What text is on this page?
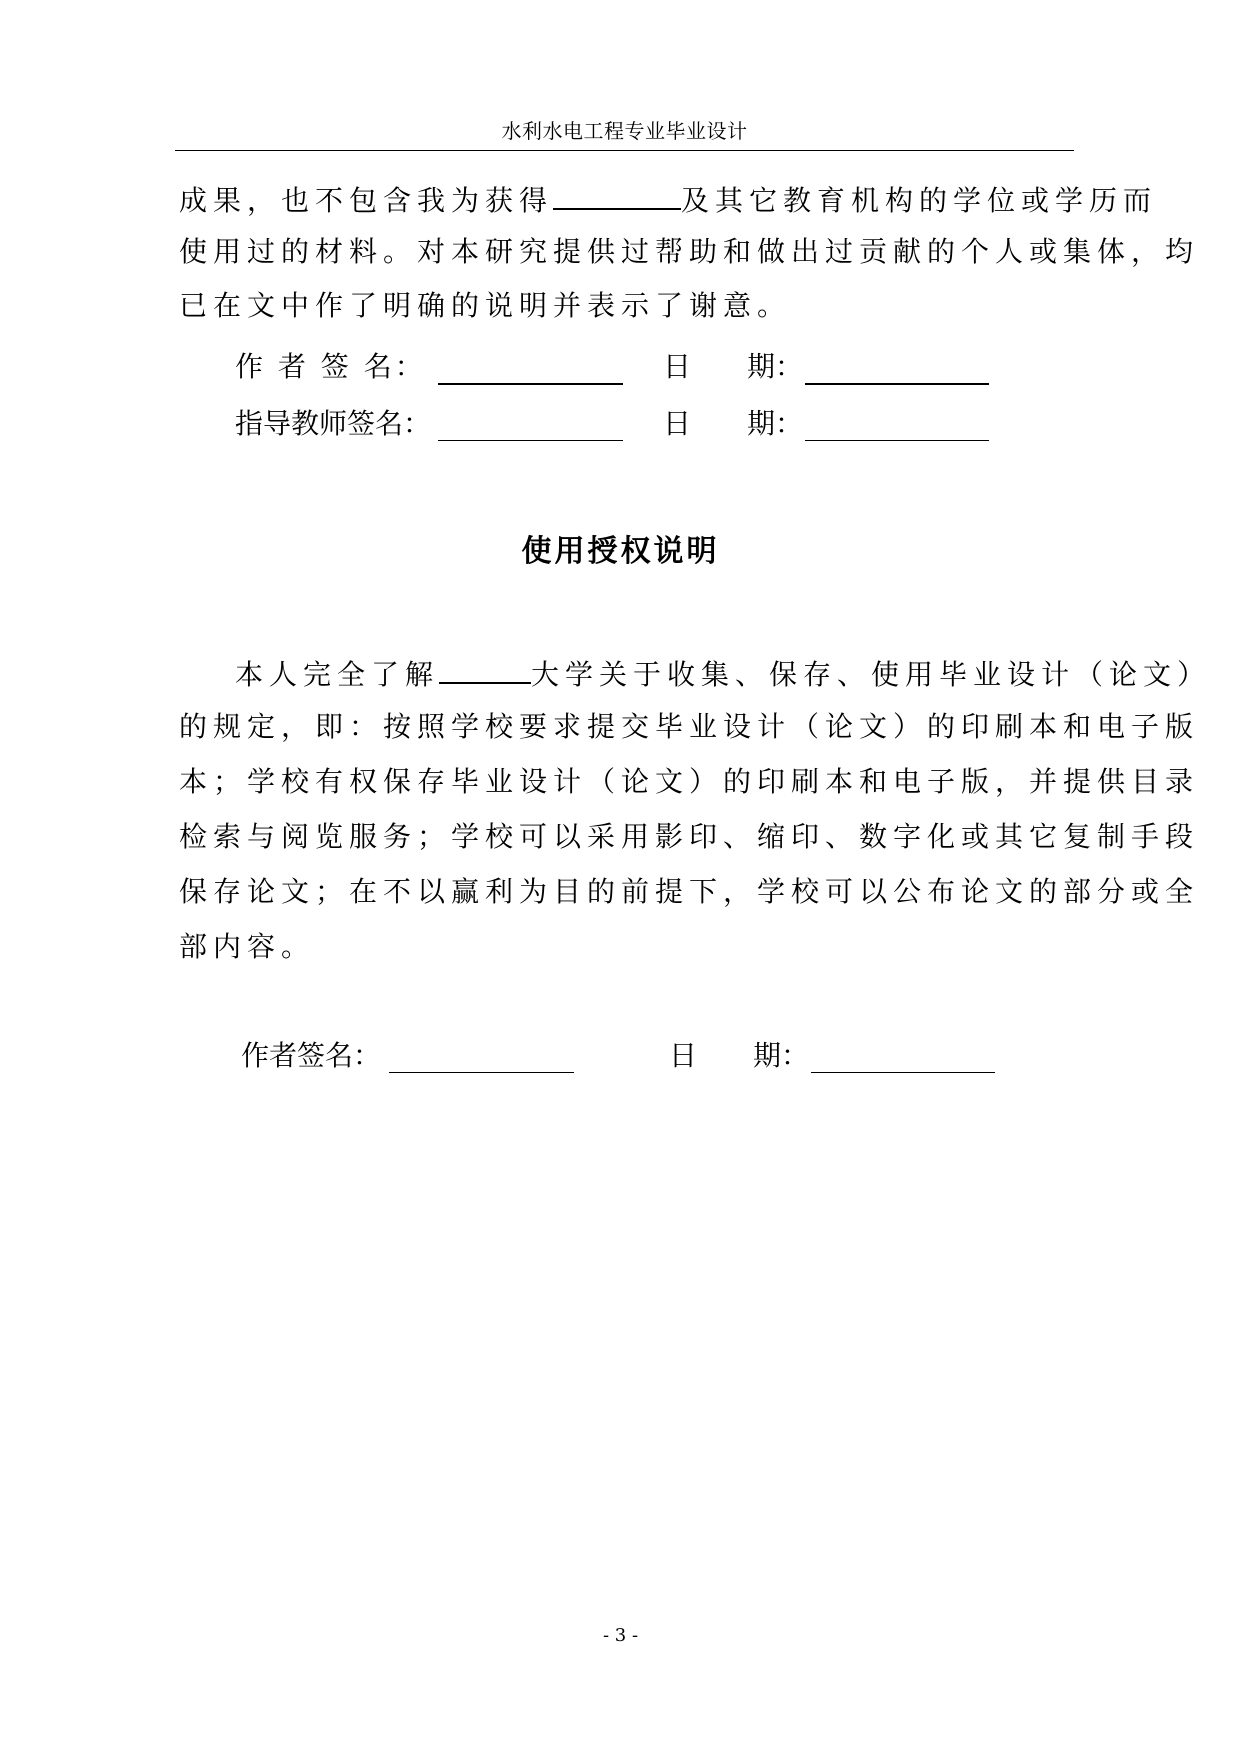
水利水电工程专业毕业设计
成果，也不包含我为获得	及其它教育机构的学位或学历而
使用过的材料。对本研究提供过帮助和做出过贡献的个人或集体，均
已在文中作了明确的说明并表示了谢意。
作 者 签 名：	日 期：
指导教师签名：	日 期：
使用授权说明
本人完全了解	大学关于收集、保存、使用毕业设计（论文）
的规定，即：按照学校要求提交毕业设计（论文）的印刷本和电子版
本；学校有权保存毕业设计（论文）的印刷本和电子版，并提供目录
检索与阅览服务；学校可以采用影印、缩印、数字化或其它复制手段
保存论文；在不以赢利为目的前提下，学校可以公布论文的部分或全
部内容。
作者签名：	日 期：
- 3 -
